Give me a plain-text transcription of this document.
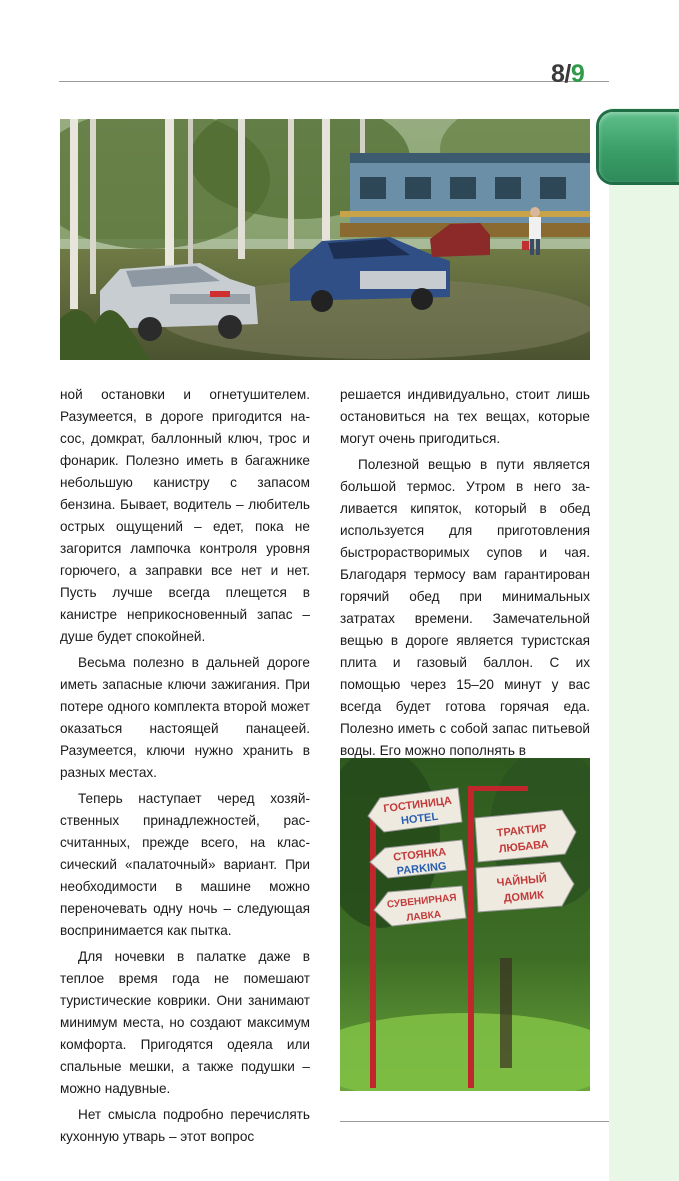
8/9

ной остановки и огнетушителем. Разумеется, в дороге пригодится насос, домкрат, баллонный ключ, трос и фонарик. Полезно иметь в багажнике небольшую канистру с запасом бензина. Бывает, водитель – любитель острых ощущений – едет, пока не загорится лампочка контроля уровня горючего, а заправки все нет и нет. Пусть лучше всегда плещется в канистре неприкосновенный запас – душе будет спокойней.

Весьма полезно в дальней дороге иметь запасные ключи зажигания. При потере одного комплекта второй может оказаться настоящей панацеей. Разумеется, ключи нужно хранить в разных местах.

Теперь наступает черед хозяйственных принадлежностей, рассчитанных, прежде всего, на классический «палаточный» вариант. При необходимости в машине можно переночевать одну ночь – следующая воспринимается как пытка.

Для ночевки в палатке даже в теплое время года не помешают туристические коврики. Они занимают минимум места, но создают максимум комфорта. Пригодятся одеяла или спальные мешки, а также подушки – можно надувные.

Нет смысла подробно перечислять кухонную утварь – этот вопрос

решается индивидуально, стоит лишь остановиться на тех вещах, которые могут очень пригодиться.

Полезной вещью в пути является большой термос. Утром в него заливается кипяток, который в обед используется для приготовления быстрорастворимых супов и чая. Благодаря термосу вам гарантирован горячий обед при минимальных затратах времени. Замечательной вещью в дороге является туристская плита и газовый баллон. С их помощью через 15–20 минут у вас всегда будет готова горячая еда. Полезно иметь с собой запас питьевой воды. Его можно пополнять в

ГОСТИНИЦА
HOTEL
ТРАКТИР
ЛЮБАВА
СТОЯНКА
PARKING
ЧАЙНЫЙ
ДОМИК
СУВЕНИРНАЯ
ЛАВКА
